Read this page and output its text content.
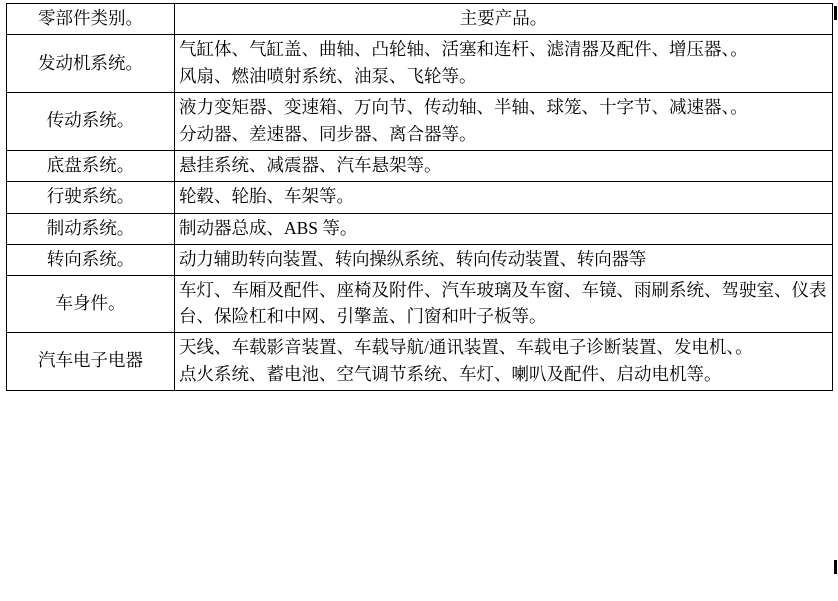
零部件类别。	主要产品。
发动机系统。	气缸体、气缸盖、曲轴、凸轮轴、活塞和连杆、滤清器及配件、增压器、。
风扇、燃油喷射系统、油泵、飞轮等。

传动系统。	液力变矩器、变速箱、万向节、传动轴、半轴、球笼、十字节、减速器、。
分动器、差速器、同步器、离合器等。

底盘系统。	悬挂系统、减震器、汽车悬架等。

行驶系统。	轮毂、轮胎、车架等。

制动系统。	制动器总成、ABS 等。

转向系统。	动力辅助转向装置、转向操纵系统、转向传动装置、转向器等

车身件。	车灯、车厢及配件、座椅及附件、汽车玻璃及车窗、车镜、雨刷系统、驾驶室、仪表台、保险杠和中网、引擎盖、门窗和叶子板等。

汽车电子电器	天线、车载影音装置、车载导航/通讯装置、车载电子诊断装置、发电机、。
点火系统、蓄电池、空气调节系统、车灯、喇叭及配件、启动电机等。
